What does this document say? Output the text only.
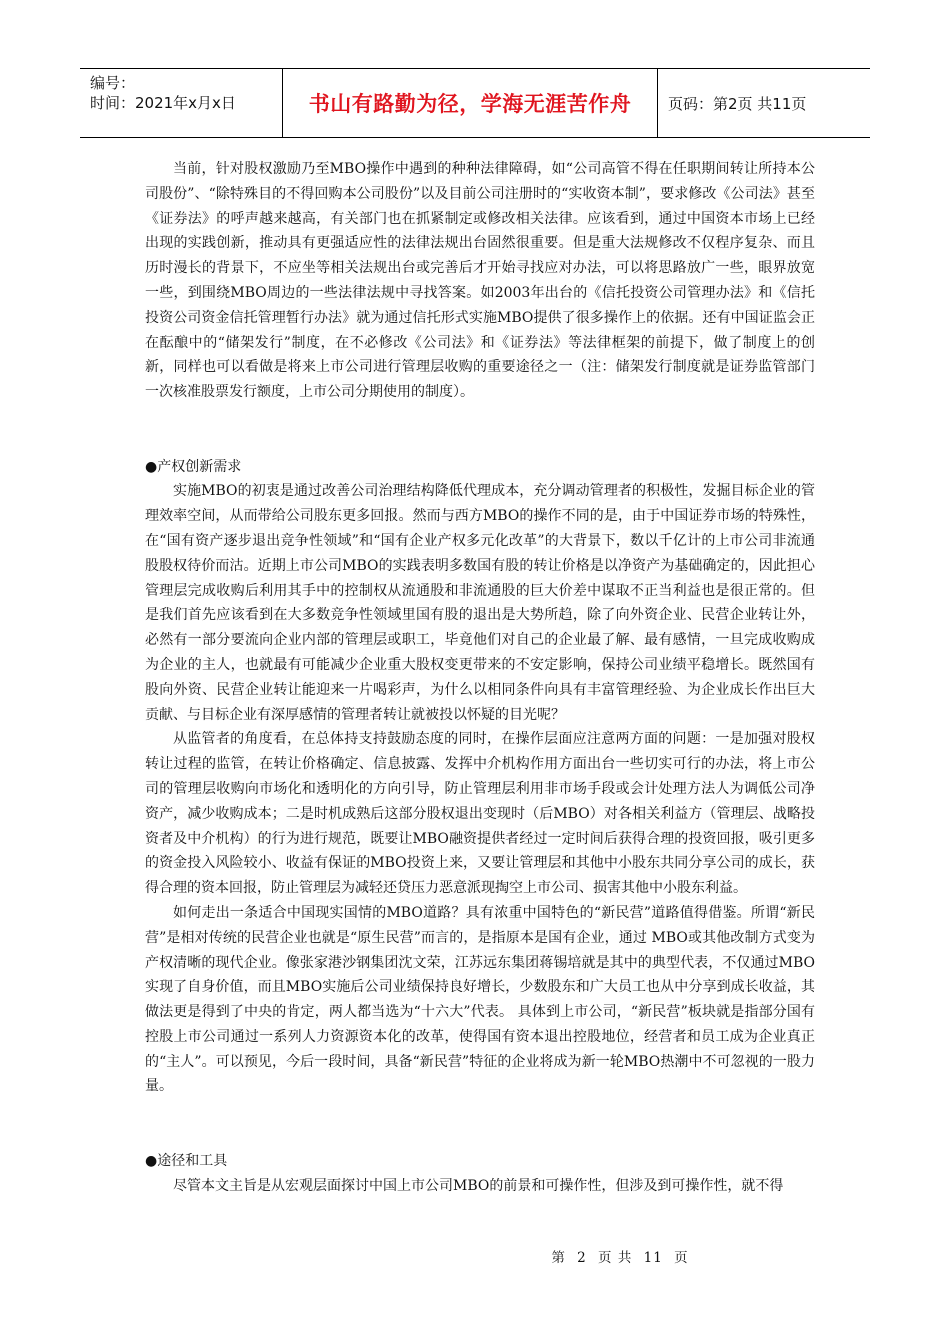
编号：
时间：2021年x月x日	书山有路勤为径，学海无涯苦作舟	页码：第2页 共11页

当前，针对股权激励乃至MBO操作中遇到的种种法律障碍，如“公司高管不得在任职期间转让所持本公司股份”、“除特殊目的不得回购本公司股份”以及目前公司注册时的“实收资本制”，要求修改《公司法》甚至《证券法》的呼声越来越高，有关部门也在抓紧制定或修改相关法律。应该看到，通过中国资本市场上已经出现的实践创新，推动具有更强适应性的法律法规出台固然很重要。但是重大法规修改不仅程序复杂、而且历时漫长的背景下，不应坐等相关法规出台或完善后才开始寻找应对办法，可以将思路放广一些，眼界放宽一些，到围绕MBO周边的一些法律法规中寻找答案。如2003年出台的《信托投资公司管理办法》和《信托投资公司资金信托管理暂行办法》就为通过信托形式实施MBO提供了很多操作上的依据。还有中国证监会正在酝酿中的“储架发行”制度，在不必修改《公司法》和《证券法》等法律框架的前提下，做了制度上的创新，同样也可以看做是将来上市公司进行管理层收购的重要途径之一（注：储架发行制度就是证券监管部门一次核准股票发行额度，上市公司分期使用的制度）。

●产权创新需求

实施MBO的初衷是通过改善公司治理结构降低代理成本，充分调动管理者的积极性，发掘目标企业的管理效率空间，从而带给公司股东更多回报。然而与西方MBO的操作不同的是，由于中国证券市场的特殊性，在“国有资产逐步退出竞争性领域”和“国有企业产权多元化改革”的大背景下，数以千亿计的上市公司非流通股股权待价而沽。近期上市公司MBO的实践表明多数国有股的转让价格是以净资产为基础确定的，因此担心管理层完成收购后利用其手中的控制权从流通股和非流通股的巨大价差中谋取不正当利益也是很正常的。但是我们首先应该看到在大多数竞争性领域里国有股的退出是大势所趋，除了向外资企业、民营企业转让外，必然有一部分要流向企业内部的管理层或职工，毕竟他们对自己的企业最了解、最有感情，一旦完成收购成为企业的主人，也就最有可能减少企业重大股权变更带来的不安定影响，保持公司业绩平稳增长。既然国有股向外资、民营企业转让能迎来一片喝彩声，为什么以相同条件向具有丰富管理经验、为企业成长作出巨大贡献、与目标企业有深厚感情的管理者转让就被投以怀疑的目光呢？

从监管者的角度看，在总体持支持鼓励态度的同时，在操作层面应注意两方面的问题：一是加强对股权转让过程的监管，在转让价格确定、信息披露、发挥中介机构作用方面出台一些切实可行的办法，将上市公司的管理层收购向市场化和透明化的方向引导，防止管理层利用非市场手段或会计处理方法人为调低公司净资产，减少收购成本；二是时机成熟后这部分股权退出变现时（后MBO）对各相关利益方（管理层、战略投资者及中介机构）的行为进行规范，既要让MBO融资提供者经过一定时间后获得合理的投资回报，吸引更多的资金投入风险较小、收益有保证的MBO投资上来，又要让管理层和其他中小股东共同分享公司的成长，获得合理的资本回报，防止管理层为减轻还贷压力恶意派现掏空上市公司、损害其他中小股东利益。

如何走出一条适合中国现实国情的MBO道路？具有浓重中国特色的“新民营”道路值得借鉴。所谓“新民营”是相对传统的民营企业也就是“原生民营”而言的，是指原本是国有企业，通过 MBO或其他改制方式变为产权清晰的现代企业。像张家港沙钢集团沈文荣，江苏远东集团蒋锡培就是其中的典型代表，不仅通过MBO实现了自身价值，而且MBO实施后公司业绩保持良好增长，少数股东和广大员工也从中分享到成长收益，其做法更是得到了中央的肯定，两人都当选为“十六大”代表。 具体到上市公司，“新民营”板块就是指部分国有控股上市公司通过一系列人力资源资本化的改革，使得国有资本退出控股地位，经营者和员工成为企业真正的“主人”。可以预见，今后一段时间，具备“新民营”特征的企业将成为新一轮MBO热潮中不可忽视的一股力量。

●途径和工具

尽管本文主旨是从宏观层面探讨中国上市公司MBO的前景和可操作性，但涉及到可操作性，就不得

第 2 页 共 11 页
